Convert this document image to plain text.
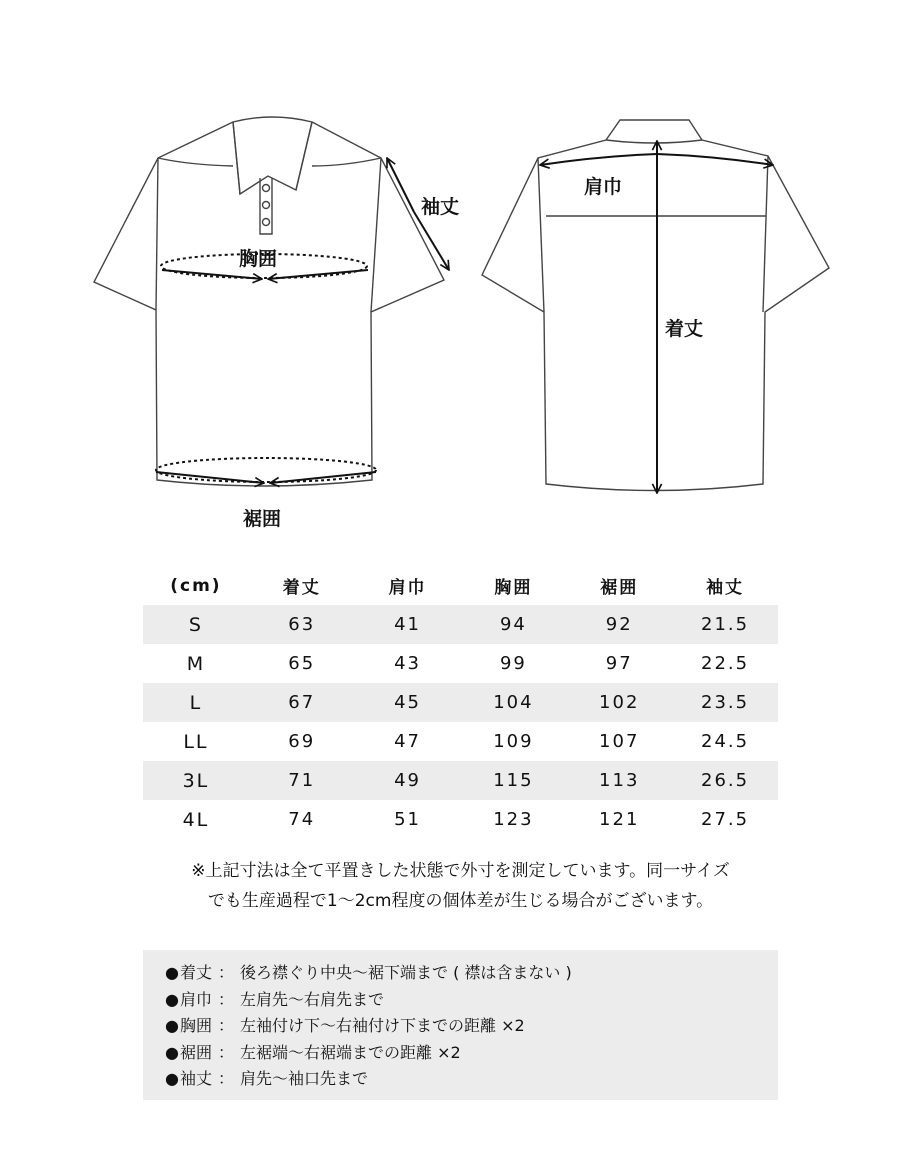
袖丈
胸囲
裾囲
肩巾
着丈
(cm)	着丈	肩巾	胸囲	裾囲	袖丈
S	63	41	94	92	21.5
M	65	43	99	97	22.5
L	67	45	104	102	23.5
LL	69	47	109	107	24.5
3L	71	49	115	113	26.5
4L	74	51	123	121	27.5
※上記寸法は全て平置きした状態で外寸を測定しています。同一サイズ
でも生産過程で1〜2cm程度の個体差が生じる場合がございます。
●着丈 ： 後ろ襟ぐり中央〜裾下端まで ( 襟は含まない )
●肩巾 ： 左肩先〜右肩先まで
●胸囲 ： 左袖付け下〜右袖付け下までの距離 ×2
●裾囲 ： 左裾端〜右裾端までの距離 ×2
●袖丈 ： 肩先〜袖口先まで
